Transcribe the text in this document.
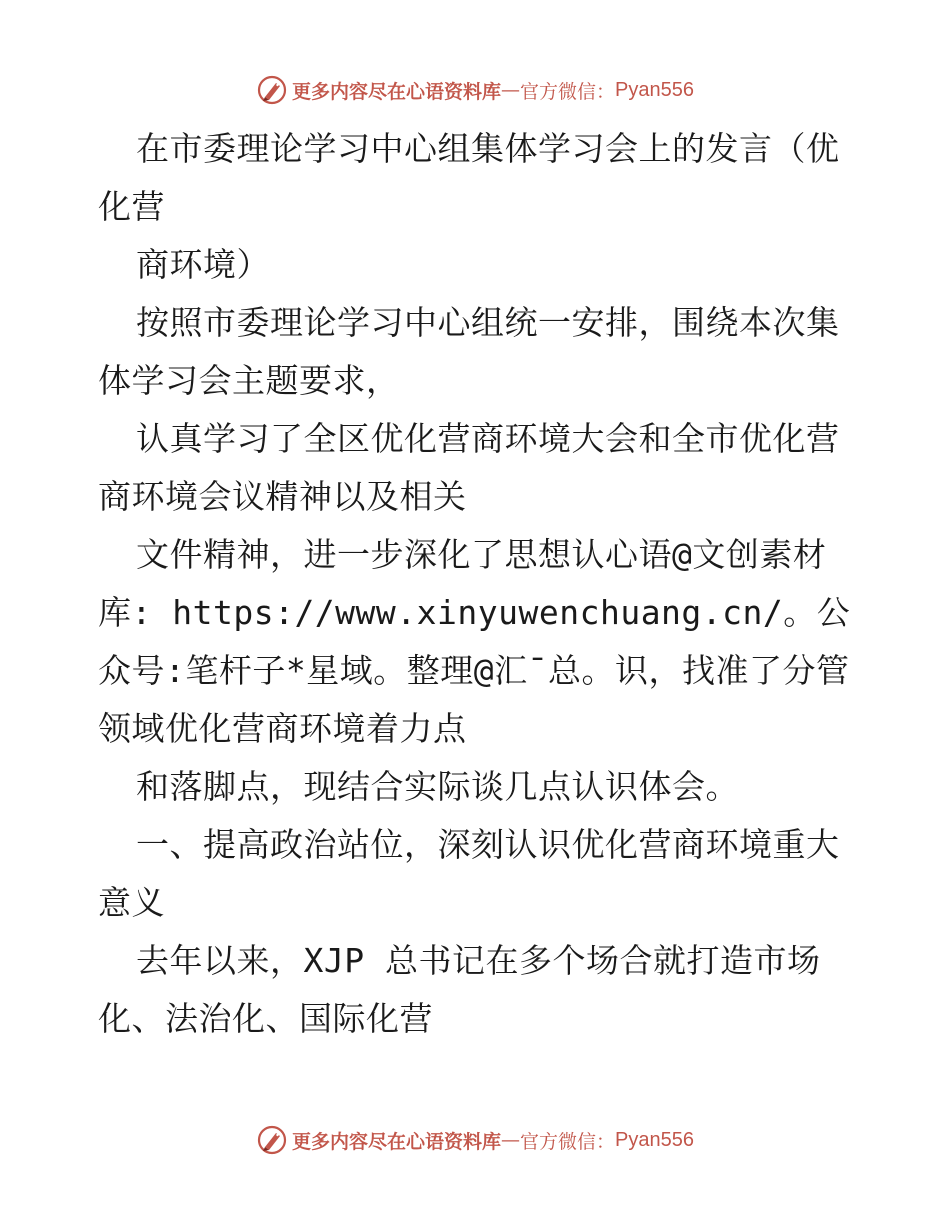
更多内容尽在心语资料库 — 官方微信： Pyan556

在市委理论学习中心组集体学习会上的发言（优化营

商环境）

按照市委理论学习中心组统一安排，围绕本次集体学习会主题要求，

认真学习了全区优化营商环境大会和全市优化营商环境会议精神以及相关

文件精神，进一步深化了思想认心语@文创素材库: https://www.xinyuwenchuang.cn/。公众号:笔杆子*星域。整理@汇¯总。识，找准了分管领域优化营商环境着力点

和落脚点，现结合实际谈几点认识体会。

一、提高政治站位，深刻认识优化营商环境重大意义

去年以来，XJP 总书记在多个场合就打造市场化、法治化、国际化营

更多内容尽在心语资料库 — 官方微信： Pyan556
